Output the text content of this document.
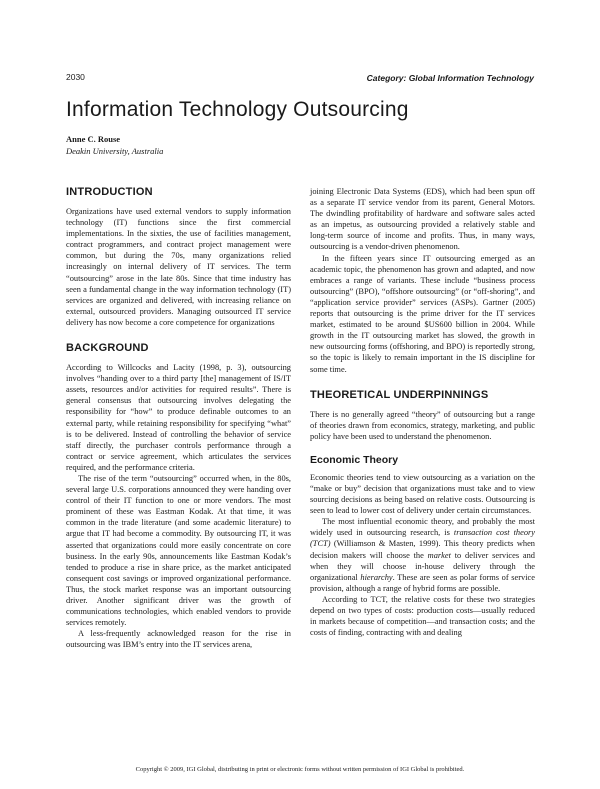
2030	Category: Global Information Technology
Information Technology Outsourcing
Anne C. Rouse
Deakin University, Australia
INTRODUCTION

Organizations have used external vendors to supply information technology (IT) functions since the first commercial implementations. In the sixties, the use of facilities management, contract programmers, and contract project management were common, but during the 70s, many organizations relied increasingly on internal delivery of IT services. The term “outsourcing” arose in the late 80s. Since that time industry has seen a fundamental change in the way information technology (IT) services are organized and delivered, with increasing reliance on external, outsourced providers. Managing outsourced IT service delivery has now become a core competence for organizations

BACKGROUND

According to Willcocks and Lacity (1998, p. 3), outsourcing involves “handing over to a third party [the] management of IS/IT assets, resources and/or activities for required results”. There is general consensus that outsourcing involves delegating the responsibility for “how” to produce definable outcomes to an external party, while retaining responsibility for specifying “what” is to be delivered. Instead of controlling the behavior of service staff directly, the purchaser controls performance through a contract or service agreement, which articulates the services required, and the performance criteria.

The rise of the term “outsourcing” occurred when, in the 80s, several large U.S. corporations announced they were handing over control of their IT function to one or more vendors. The most prominent of these was Eastman Kodak. At that time, it was common in the trade literature (and some academic literature) to argue that IT had become a commodity. By outsourcing IT, it was asserted that organizations could more easily concentrate on core business. In the early 90s, announcements like Eastman Kodak’s tended to produce a rise in share price, as the market anticipated consequent cost savings or improved organizational performance. Thus, the stock market response was an important outsourcing driver. Another significant driver was the growth of communications technologies, which enabled vendors to provide services remotely.

A less-frequently acknowledged reason for the rise in outsourcing was IBM’s entry into the IT services arena,

joining Electronic Data Systems (EDS), which had been spun off as a separate IT service vendor from its parent, General Motors. The dwindling profitability of hardware and software sales acted as an impetus, as outsourcing provided a relatively stable and long-term source of income and profits. Thus, in many ways, outsourcing is a vendor-driven phenomenon.

In the fifteen years since IT outsourcing emerged as an academic topic, the phenomenon has grown and adapted, and now embraces a range of variants. These include “business process outsourcing” (BPO), “offshore outsourcing” (or “off-shoring”, and “application service provider” services (ASPs). Gartner (2005) reports that outsourcing is the prime driver for the IT services market, estimated to be around $US600 billion in 2004. While growth in the IT outsourcing market has slowed, the growth in new outsourcing forms (offshoring, and BPO) is reportedly strong, so the topic is likely to remain important in the IS discipline for some time.

THEORETICAL UNDERPINNINGS

There is no generally agreed “theory” of outsourcing but a range of theories drawn from economics, strategy, marketing, and public policy have been used to understand the phenomenon.

Economic Theory

Economic theories tend to view outsourcing as a variation on the “make or buy” decision that organizations must take and to view sourcing decisions as being based on relative costs. Outsourcing is seen to lead to lower cost of delivery under certain circumstances.

The most influential economic theory, and probably the most widely used in outsourcing research, is transaction cost theory (TCT) (Williamson & Masten, 1999). This theory predicts when decision makers will choose the market to deliver services and when they will choose in-house delivery through the organizational hierarchy. These are seen as polar forms of service provision, although a range of hybrid forms are possible.

According to TCT, the relative costs for these two strategies depend on two types of costs: production costs—usually reduced in markets because of competition—and transaction costs; and the costs of finding, contracting with and dealing

Copyright © 2009, IGI Global, distributing in print or electronic forms without written permission of IGI Global is prohibited.
